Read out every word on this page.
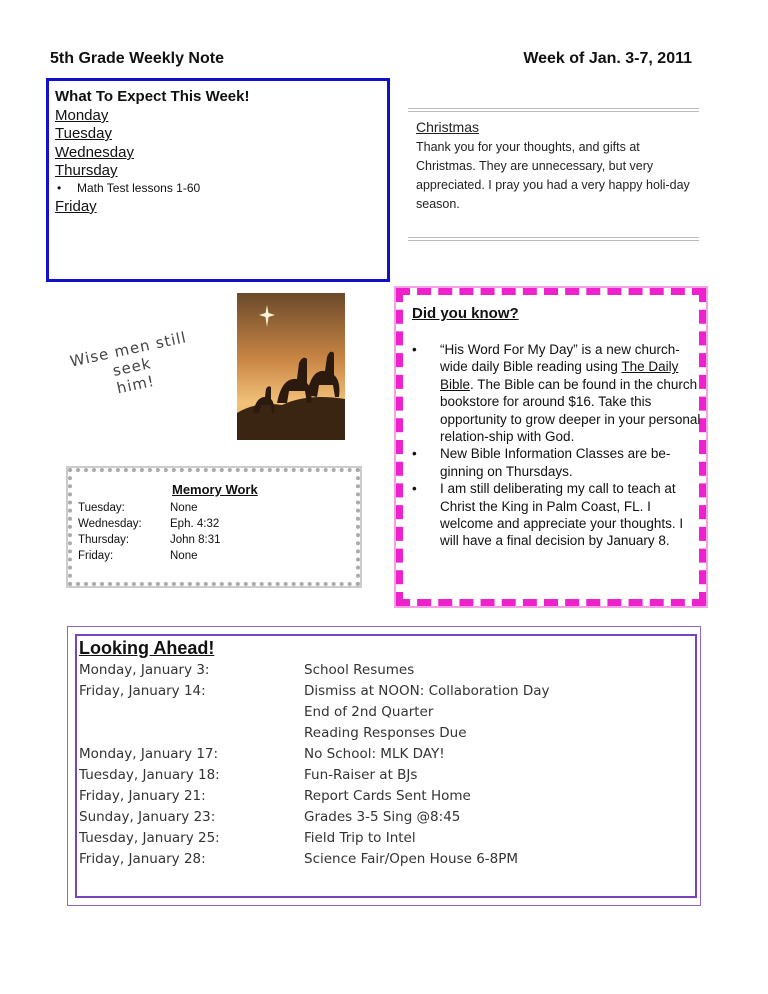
5th Grade Weekly Note	Week of Jan. 3-7, 2011
What To Expect This Week!
Monday
Tuesday
Wednesday
Thursday
• Math Test lessons 1-60
Friday
Christmas
Thank you for your thoughts, and gifts at Christmas. They are unnecessary, but very appreciated. I pray you had a very happy holi-day season.
Wise men still seek
him!
Memory Work
Tuesday:	None
Wednesday: Eph. 4:32
Thursday:	John 8:31
Friday:	None
Did you know?
• “His Word For My Day” is a new church-wide daily Bible reading using The Daily Bible. The Bible can be found in the church bookstore for around $16. Take this opportunity to grow deeper in your personal relation-ship with God.
• New Bible Information Classes are be-ginning on Thursdays.
• I am still deliberating my call to teach at Christ the King in Palm Coast, FL. I welcome and appreciate your thoughts. I will have a final decision by January 8.
Looking Ahead!
Monday, January 3:	School Resumes
Friday, January 14:	Dismiss at NOON: Collaboration Day
End of 2nd Quarter
Reading Responses Due
Monday, January 17:	No School: MLK DAY!
Tuesday, January 18:	Fun-Raiser at BJs
Friday, January 21:	Report Cards Sent Home
Sunday, January 23:	Grades 3-5 Sing @8:45
Tuesday, January 25:	Field Trip to Intel
Friday, January 28:	Science Fair/Open House 6-8PM
